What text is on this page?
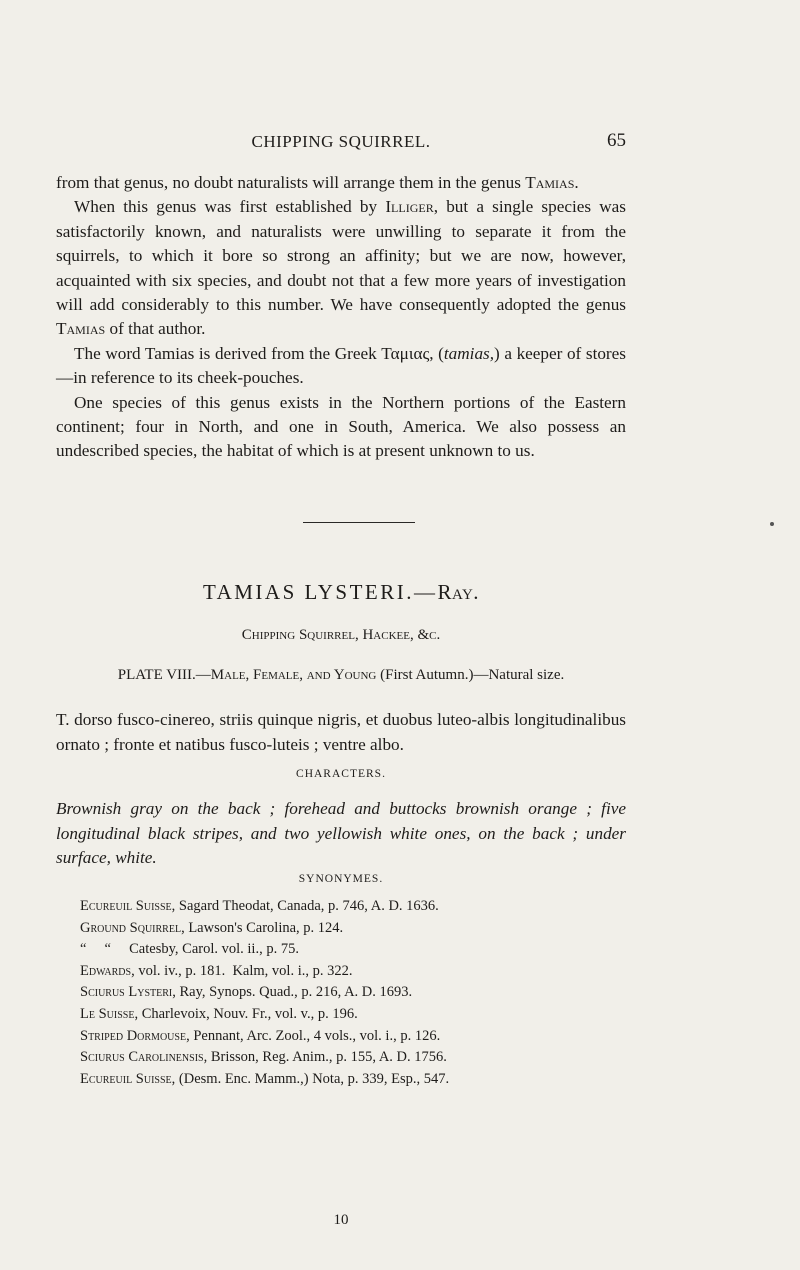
CHIPPING SQUIRREL.	65

from that genus, no doubt naturalists will arrange them in the genus Tamias.

When this genus was first established by Illiger, but a single species was satisfactorily known, and naturalists were unwilling to separate it from the squirrels, to which it bore so strong an affinity; but we are now, however, acquainted with six species, and doubt not that a few more years of investigation will add considerably to this number. We have consequently adopted the genus Tamias of that author.

The word Tamias is derived from the Greek Ταμιας, (tamias,) a keeper of stores—in reference to its cheek-pouches.

One species of this genus exists in the Northern portions of the Eastern continent; four in North, and one in South, America. We also possess an undescribed species, the habitat of which is at present unknown to us.

TAMIAS LYSTERI.—Ray.
Chipping Squirrel, Hackee, &c.
PLATE VIII.—Male, Female, and Young (First Autumn.)—Natural size.
T. dorso fusco-cinereo, striis quinque nigris, et duobus luteo-albis longitudinalibus ornato ; fronte et natibus fusco-luteis ; ventre albo.
CHARACTERS.
Brownish gray on the back ; forehead and buttocks brownish orange ; five longitudinal black stripes, and two yellowish white ones, on the back ; under surface, white.
SYNONYMES.
Ecureuil Suisse, Sagard Theodat, Canada, p. 746, A. D. 1636.
Ground Squirrel, Lawson's Carolina, p. 124.
“     “     Catesby, Carol. vol. ii., p. 75.
Edwards, vol. iv., p. 181.  Kalm, vol. i., p. 322.
Sciurus Lysteri, Ray, Synops. Quad., p. 216, A. D. 1693.
Le Suisse, Charlevoix, Nouv. Fr., vol. v., p. 196.
Striped Dormouse, Pennant, Arc. Zool., 4 vols., vol. i., p. 126.
Sciurus Carolinensis, Brisson, Reg. Anim., p. 155, A. D. 1756.
Ecureuil Suisse, (Desm. Enc. Mamm.,) Nota, p. 339, Esp., 547.
10
